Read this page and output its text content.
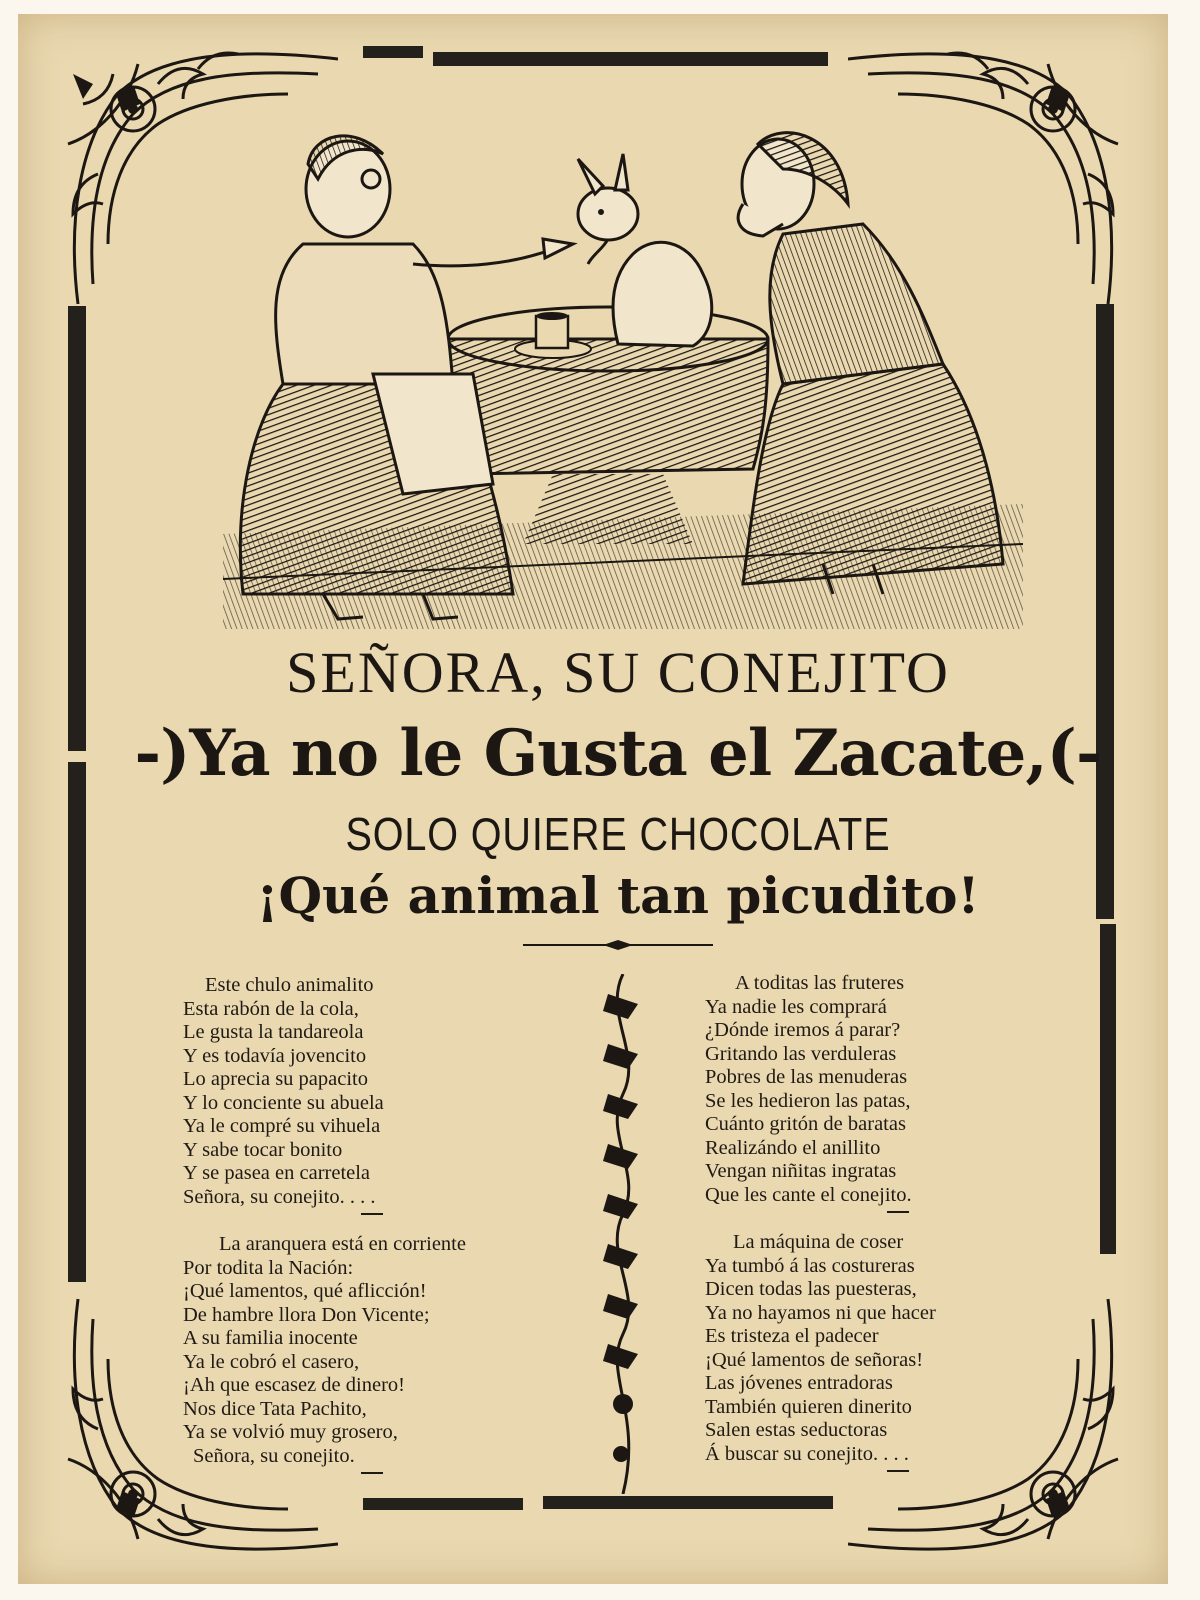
SEÑORA, SU CONEJITO
-)Ya no le Gusta el Zacate,(-
SOLO QUIERE CHOCOLATE
¡Qué animal tan picudito!
Este chulo animalito
Esta rabón de la cola,
Le gusta la tandareola
Y es todavía jovencito
Lo aprecia su papacito
Y lo conciente su abuela
Ya le compré su vihuela
Y sabe tocar bonito
Y se pasea en carretela
Señora, su conejito. . . .
La aranquera está en corriente
Por todita la Nación:
¡Qué lamentos, qué aflicción!
De hambre llora Don Vicente;
A su familia inocente
Ya le cobró el casero,
¡Ah que escasez de dinero!
Nos dice Tata Pachito,
Ya se volvió muy grosero,
Señora, su conejito.
A toditas las fruteres
Ya nadie les comprará
¿Dónde iremos á parar?
Gritando las verduleras
Pobres de las menuderas
Se les hedieron las patas,
Cuánto gritón de baratas
Realizándo el anillito
Vengan niñitas ingratas
Que les cante el conejito.
La máquina de coser
Ya tumbó á las costureras
Dicen todas las puesteras,
Ya no hayamos ni que hacer
Es tristeza el padecer
¡Qué lamentos de señoras!
Las jóvenes entradoras
También quieren dinerito
Salen estas seductoras
Á buscar su conejito. . . .
